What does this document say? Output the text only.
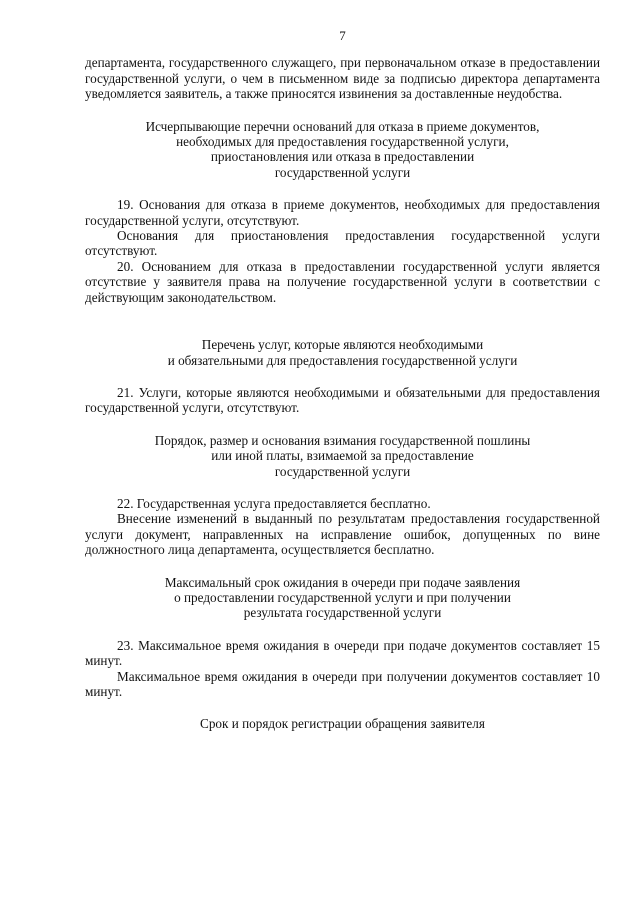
7

департамента, государственного служащего, при первоначальном отказе в предоставлении государственной услуги, о чем в письменном виде за подписью директора департамента уведомляется заявитель, а также приносятся извинения за доставленные неудобства.

Исчерпывающие перечни оснований для отказа в приеме документов,
необходимых для предоставления государственной услуги,
приостановления или отказа в предоставлении
государственной услуги

19. Основания для отказа в приеме документов, необходимых для предоставления государственной услуги, отсутствуют.

Основания для приостановления предоставления государственной услуги отсутствуют.

20. Основанием для отказа в предоставлении государственной услуги является отсутствие у заявителя права на получение государственной услуги в соответствии с действующим законодательством.

Перечень услуг, которые являются необходимыми
и обязательными для предоставления государственной услуги

21. Услуги, которые являются необходимыми и обязательными для предоставления государственной услуги, отсутствуют.

Порядок, размер и основания взимания государственной пошлины
или иной платы, взимаемой за предоставление
государственной услуги

22. Государственная услуга предоставляется бесплатно.

Внесение изменений в выданный по результатам предоставления государственной услуги документ, направленных на исправление ошибок, допущенных по вине должностного лица департамента, осуществляется бесплатно.

Максимальный срок ожидания в очереди при подаче заявления
о предоставлении государственной услуги и при получении
результата государственной услуги

23. Максимальное время ожидания в очереди при подаче документов составляет 15 минут.

Максимальное время ожидания в очереди при получении документов составляет 10 минут.

Срок и порядок регистрации обращения заявителя
